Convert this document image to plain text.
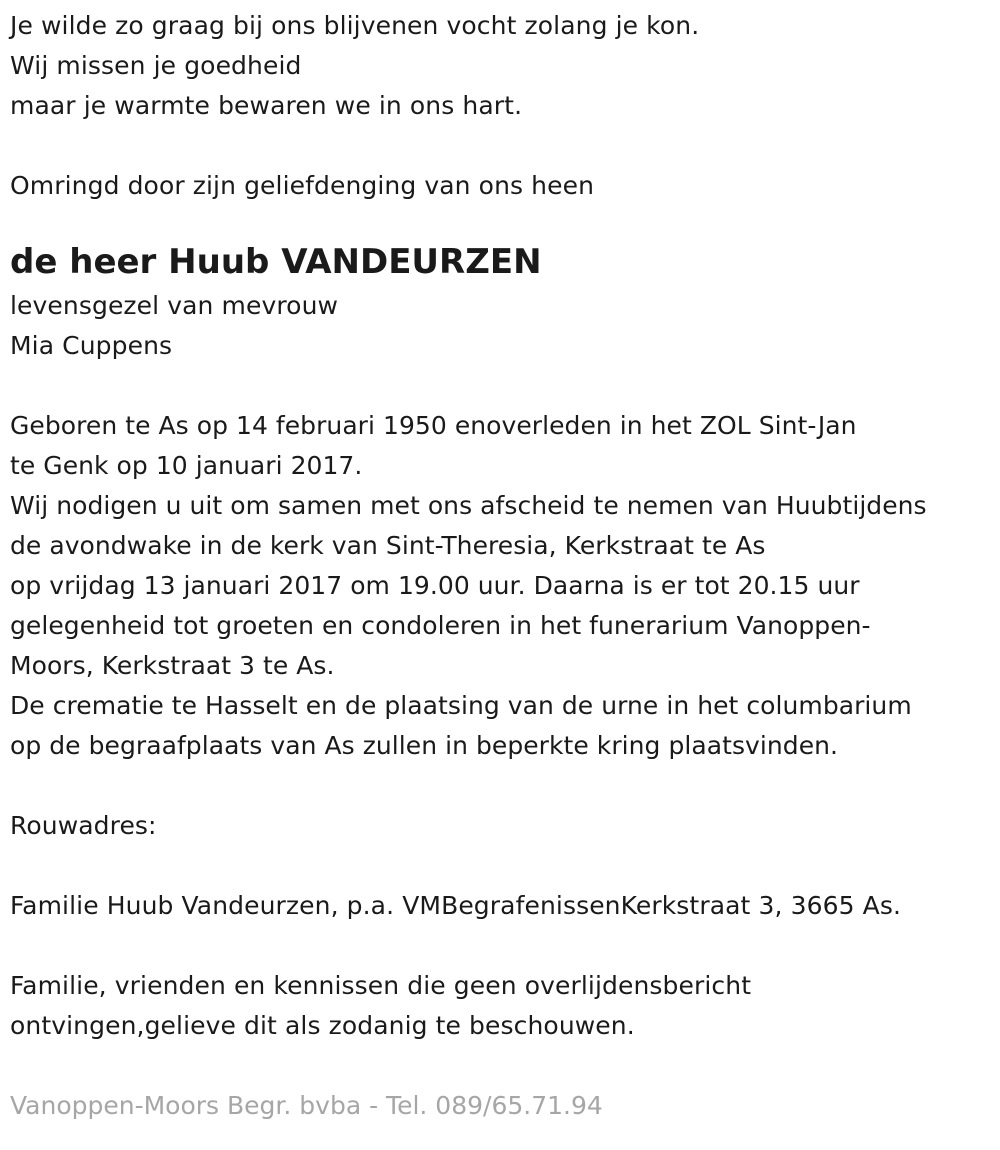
Je wilde zo graag bij ons blijvenen vocht zolang je kon.
Wij missen je goedheid
maar je warmte bewaren we in ons hart.
Omringd door zijn geliefdenging van ons heen
de heer Huub VANDEURZEN
levensgezel van mevrouw
Mia Cuppens
Geboren te As op 14 februari 1950 enoverleden in het ZOL Sint-Jan
te Genk op 10 januari 2017.
Wij nodigen u uit om samen met ons afscheid te nemen van Huubtijdens
de avondwake in de kerk van Sint-Theresia, Kerkstraat te As
op vrijdag 13 januari 2017 om 19.00 uur. Daarna is er tot 20.15 uur
gelegenheid tot groeten en condoleren in het funerarium Vanoppen-
Moors, Kerkstraat 3 te As.
De crematie te Hasselt en de plaatsing van de urne in het columbarium
op de begraafplaats van As zullen in beperkte kring plaatsvinden.
Rouwadres:
Familie Huub Vandeurzen, p.a. VMBegrafenissenKerkstraat 3, 3665 As.
Familie, vrienden en kennissen die geen overlijdensbericht
ontvingen,gelieve dit als zodanig te beschouwen.
Vanoppen-Moors Begr. bvba - Tel. 089/65.71.94
